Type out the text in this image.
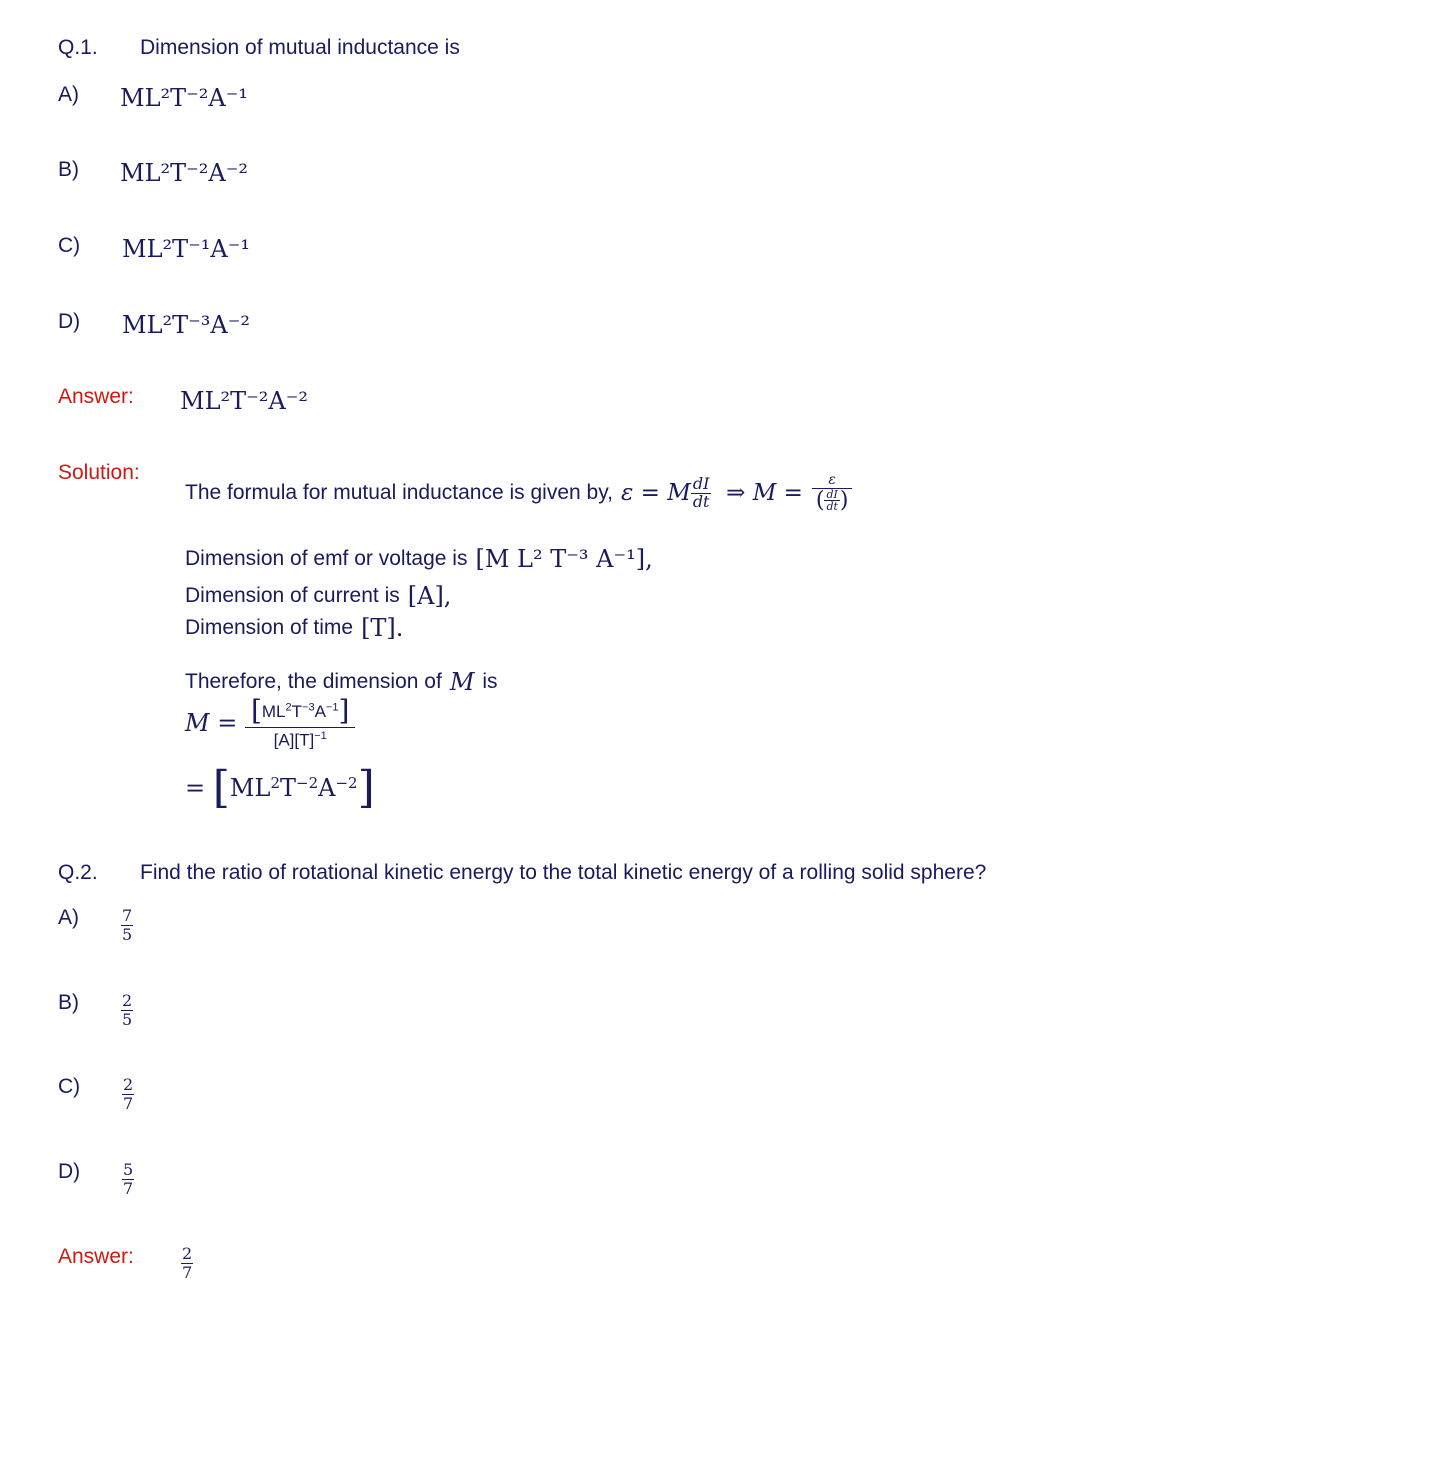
Q.1. Dimension of mutual inductance is
A) ML²T⁻²A⁻¹
B) ML²T⁻²A⁻²
C) ML²T⁻¹A⁻¹
D) ML²T⁻³A⁻²
Answer: ML²T⁻²A⁻²
Solution:
The formula for mutual inductance is given by, ε = M $\frac{dI}{dt}$ ⇒ $M = \frac{\varepsilon}{( \frac{dI}{dt} )}$
Dimension of emf or voltage is [M L² T⁻³ A⁻¹],
Dimension of current is [A],
Dimension of time [T].
Therefore, the dimension of M is
$M = \frac{[ML^2T^{-3}A^{-1}]}{[A][T]^{-1}}$
= [ $ML^2T^{-2}A^{-2}$ ]
Q.2. Find the ratio of rotational kinetic energy to the total kinetic energy of a rolling solid sphere?
A)	$\frac{7}{5}$
B)	$\frac{2}{5}$
C)	$\frac{2}{7}$
D)	$\frac{5}{7}$
Answer:	$\frac{2}{7}$
